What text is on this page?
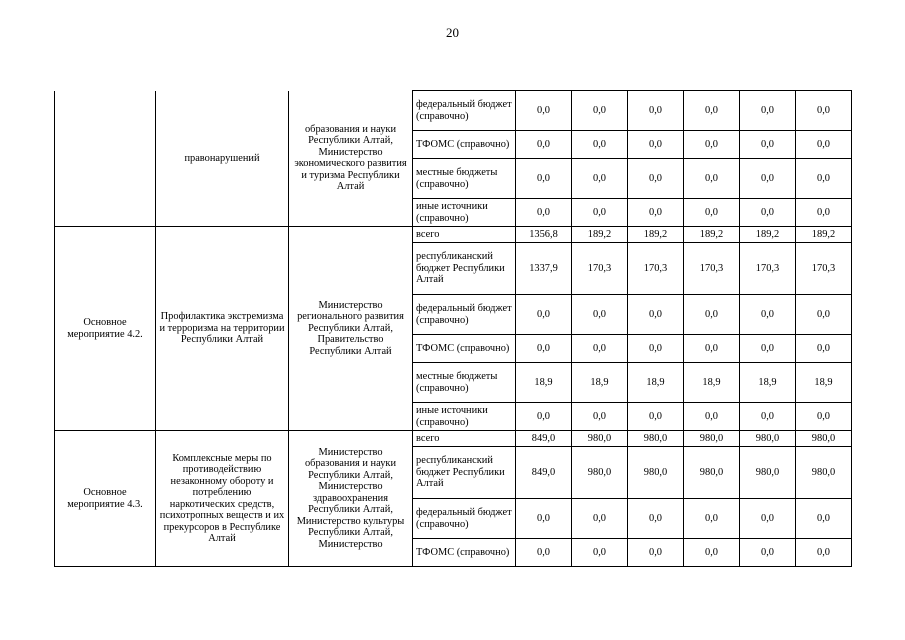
20
	правонарушений	образования и науки Республики Алтай, Министерство экономического развития и туризма Республики Алтай	федеральный бюджет (справочно)	0,0	0,0	0,0	0,0	0,0	0,0
			ТФОМС (справочно)	0,0	0,0	0,0	0,0	0,0	0,0
			местные бюджеты (справочно)	0,0	0,0	0,0	0,0	0,0	0,0
			иные источники (справочно)	0,0	0,0	0,0	0,0	0,0	0,0
Основное мероприятие 4.2.	Профилактика экстремизма и терроризма на территории Республики Алтай	Министерство регионального развития Республики Алтай, Правительство Республики Алтай	всего	1356,8	189,2	189,2	189,2	189,2	189,2
			республиканский бюджет Республики Алтай	1337,9	170,3	170,3	170,3	170,3	170,3
			федеральный бюджет (справочно)	0,0	0,0	0,0	0,0	0,0	0,0
			ТФОМС (справочно)	0,0	0,0	0,0	0,0	0,0	0,0
			местные бюджеты (справочно)	18,9	18,9	18,9	18,9	18,9	18,9
			иные источники (справочно)	0,0	0,0	0,0	0,0	0,0	0,0
Основное мероприятие 4.3.	Комплексные меры по противодействию незаконному обороту и потреблению наркотических средств, психотропных веществ и их прекурсоров в Республике Алтай	Министерство образования и науки Республики Алтай, Министерство здравоохранения Республики Алтай, Министерство культуры Республики Алтай, Министерство	всего	849,0	980,0	980,0	980,0	980,0	980,0
			республиканский бюджет Республики Алтай	849,0	980,0	980,0	980,0	980,0	980,0
			федеральный бюджет (справочно)	0,0	0,0	0,0	0,0	0,0	0,0
			ТФОМС (справочно)	0,0	0,0	0,0	0,0	0,0	0,0
